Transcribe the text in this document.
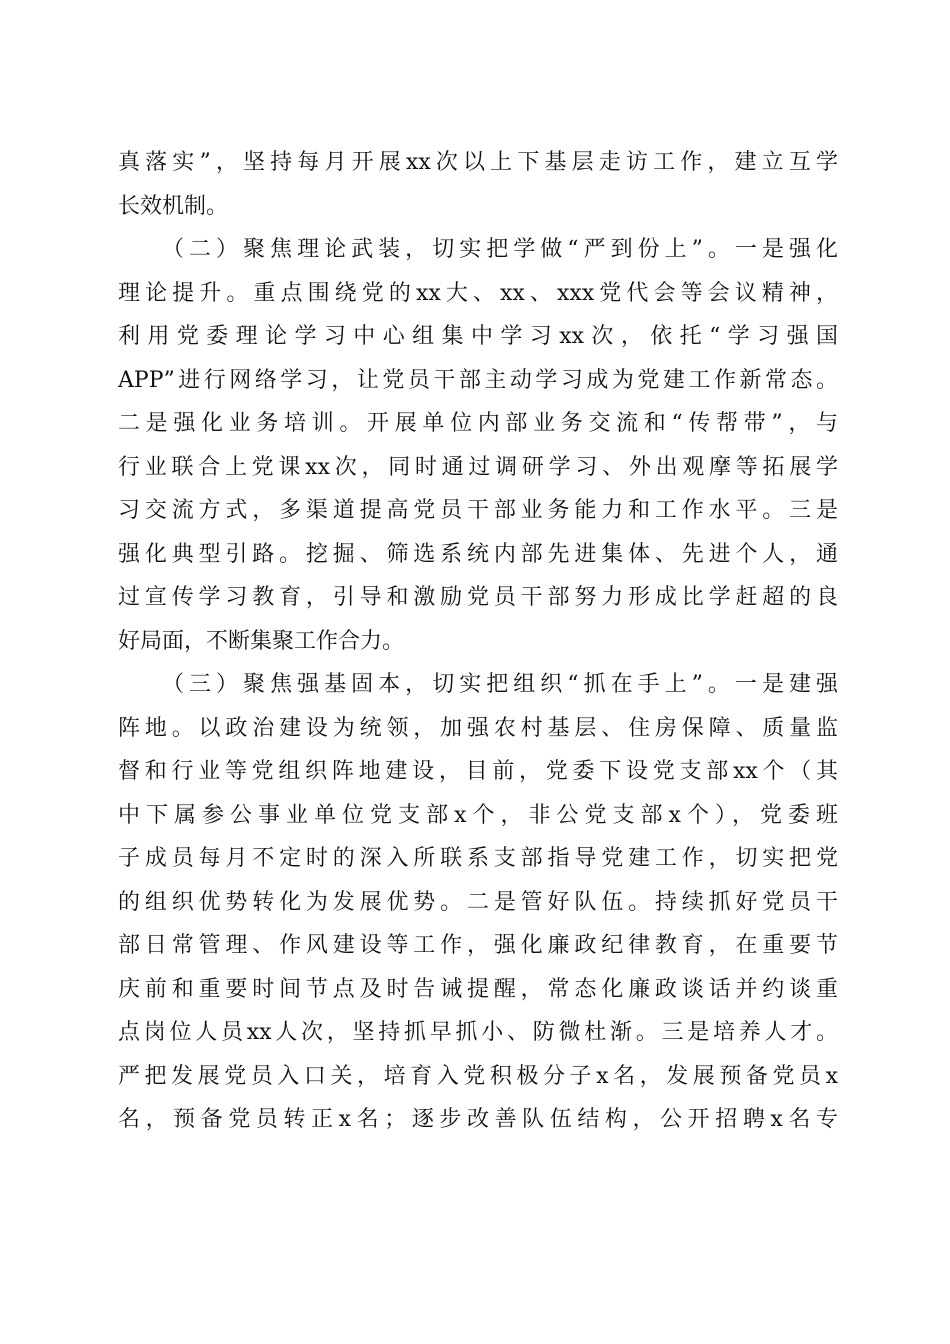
真落实”，坚持每月开展xx次以上下基层走访工作，建立互学
长效机制。
（二）聚焦理论武装，切实把学做“严到份上”。一是强化
理论提升。重点围绕党的xx大、xx、xxx党代会等会议精神，
利用党委理论学习中心组集中学习xx次，依托“学习强国
APP”进行网络学习，让党员干部主动学习成为党建工作新常态。
二是强化业务培训。开展单位内部业务交流和“传帮带”，与
行业联合上党课xx次，同时通过调研学习、外出观摩等拓展学
习交流方式，多渠道提高党员干部业务能力和工作水平。三是
强化典型引路。挖掘、筛选系统内部先进集体、先进个人，通
过宣传学习教育，引导和激励党员干部努力形成比学赶超的良
好局面，不断集聚工作合力。
（三）聚焦强基固本，切实把组织“抓在手上”。一是建强
阵地。以政治建设为统领，加强农村基层、住房保障、质量监
督和行业等党组织阵地建设，目前，党委下设党支部xx个（其
中下属参公事业单位党支部x个，非公党支部x个），党委班
子成员每月不定时的深入所联系支部指导党建工作，切实把党
的组织优势转化为发展优势。二是管好队伍。持续抓好党员干
部日常管理、作风建设等工作，强化廉政纪律教育，在重要节
庆前和重要时间节点及时告诫提醒，常态化廉政谈话并约谈重
点岗位人员xx人次，坚持抓早抓小、防微杜渐。三是培养人才。
严把发展党员入口关，培育入党积极分子x名，发展预备党员x
名，预备党员转正x名；逐步改善队伍结构，公开招聘x名专
